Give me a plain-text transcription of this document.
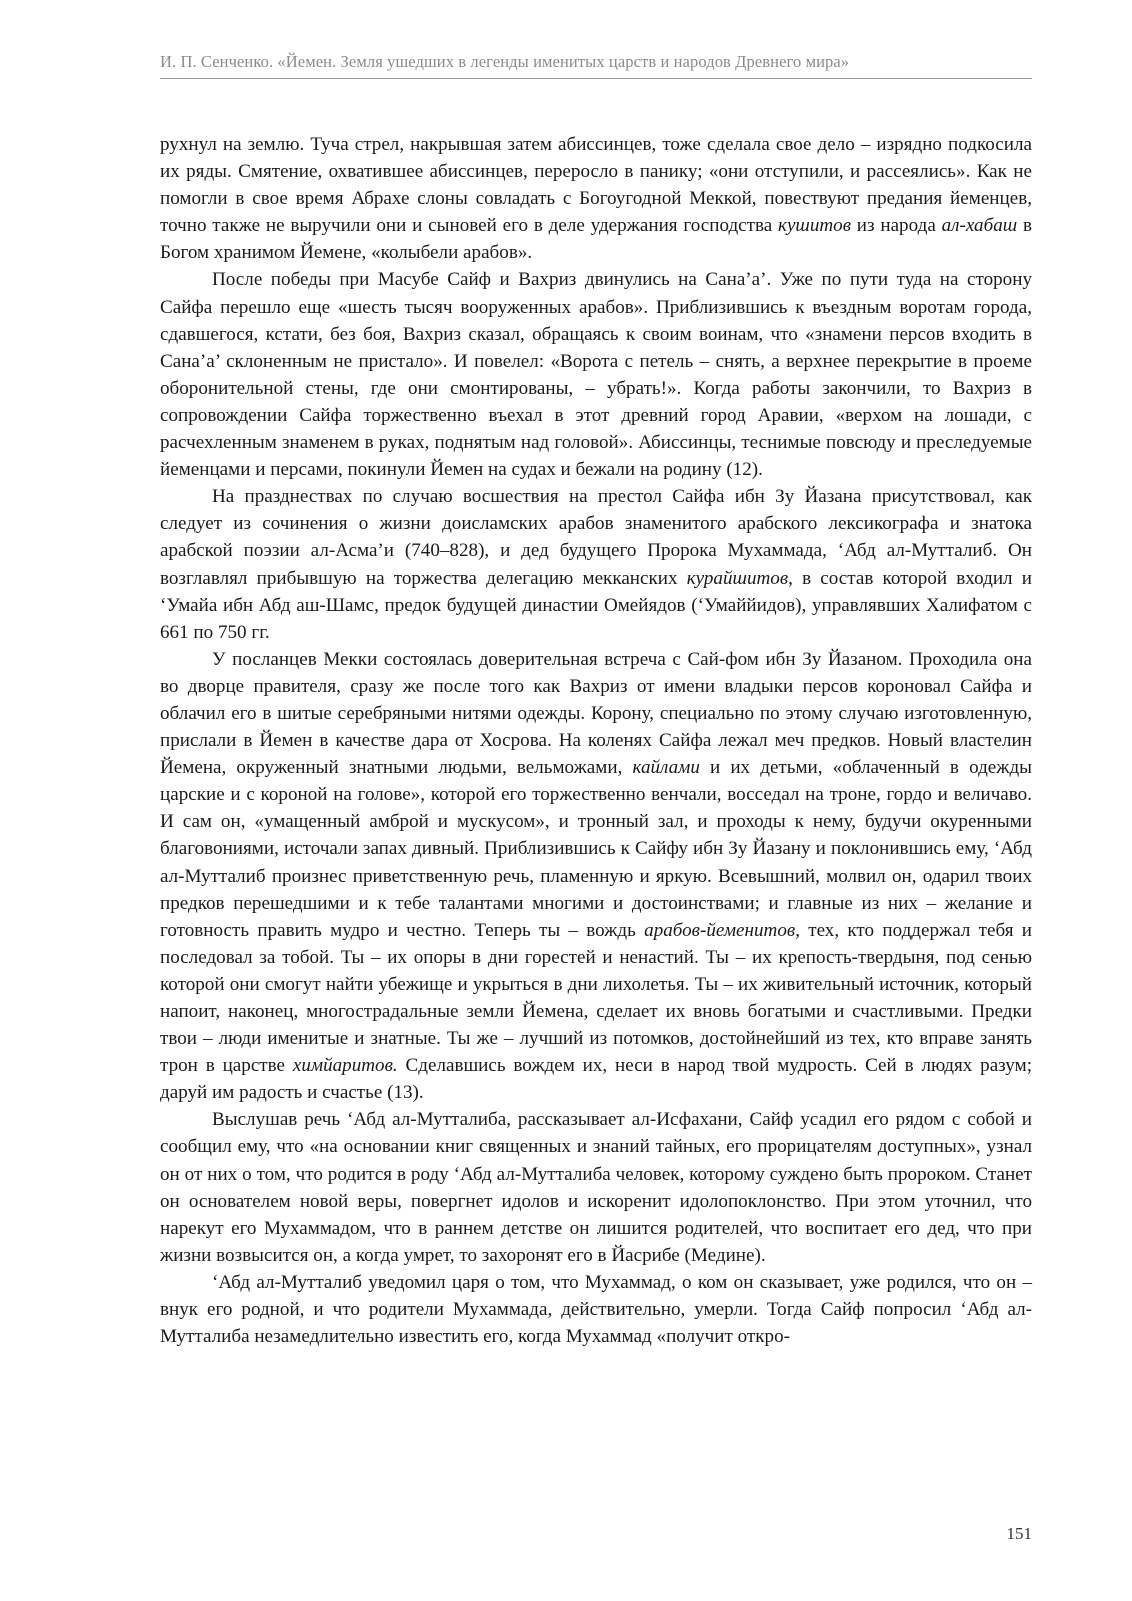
И. П. Сенченко. «Йемен. Земля ушедших в легенды именитых царств и народов Древнего мира»

рухнул на землю. Туча стрел, накрывшая затем абиссинцев, тоже сделала свое дело – изрядно подкосила их ряды. Смятение, охватившее абиссинцев, переросло в панику; «они отступили, и рассеялись». Как не помогли в свое время Абрахе слоны совладать с Богоугодной Меккой, повествуют предания йеменцев, точно также не выручили они и сыновей его в деле удержания господства кушитов из народа ал-хабаш в Богом хранимом Йемене, «колыбели арабов».

После победы при Масубе Сайф и Вахриз двинулись на Сана’а’. Уже по пути туда на сторону Сайфа перешло еще «шесть тысяч вооруженных арабов». Приблизившись к въездным воротам города, сдавшегося, кстати, без боя, Вахриз сказал, обращаясь к своим воинам, что «знамени персов входить в Сана’а’ склоненным не пристало». И повелел: «Ворота с петель – снять, а верхнее перекрытие в проеме оборонительной стены, где они смонтированы, – убрать!». Когда работы закончили, то Вахриз в сопровождении Сайфа торжественно въехал в этот древний город Аравии, «верхом на лошади, с расчехленным знаменем в руках, поднятым над головой». Абиссинцы, теснимые повсюду и преследуемые йеменцами и персами, покинули Йемен на судах и бежали на родину (12).

На празднествах по случаю восшествия на престол Сайфа ибн Зу Йазана присутствовал, как следует из сочинения о жизни доисламских арабов знаменитого арабского лексикографа и знатока арабской поэзии ал-Асма’и (740–828), и дед будущего Пророка Мухаммада, ‘Абд ал-Мутталиб. Он возглавлял прибывшую на торжества делегацию мекканских курайшитов, в состав которой входил и ‘Умайа ибн Абд аш-Шамс, предок будущей династии Омейядов (‘Умаййидов), управлявших Халифатом с 661 по 750 гг.

У посланцев Мекки состоялась доверительная встреча с Сай-фом ибн Зу Йазаном. Проходила она во дворце правителя, сразу же после того как Вахриз от имени владыки персов короновал Сайфа и облачил его в шитые серебряными нитями одежды. Корону, специально по этому случаю изготовленную, прислали в Йемен в качестве дара от Хосрова. На коленях Сайфа лежал меч предков. Новый властелин Йемена, окруженный знатными людьми, вельможами, кайлами и их детьми, «облаченный в одежды царские и с короной на голове», которой его торжественно венчали, восседал на троне, гордо и величаво. И сам он, «умащенный амброй и мускусом», и тронный зал, и проходы к нему, будучи окуренными благовониями, источали запах дивный. Приблизившись к Сайфу ибн Зу Йазану и поклонившись ему, ‘Абд ал-Мутталиб произнес приветственную речь, пламенную и яркую. Всевышний, молвил он, одарил твоих предков перешедшими и к тебе талантами многими и достоинствами; и главные из них – желание и готовность править мудро и честно. Теперь ты – вождь арабов-йеменитов, тех, кто поддержал тебя и последовал за тобой. Ты – их опоры в дни горестей и ненастий. Ты – их крепость-твердыня, под сенью которой они смогут найти убежище и укрыться в дни лихолетья. Ты – их живительный источник, который напоит, наконец, многострадальные земли Йемена, сделает их вновь богатыми и счастливыми. Предки твои – люди именитые и знатные. Ты же – лучший из потомков, достойнейший из тех, кто вправе занять трон в царстве химйаритов. Сделавшись вождем их, неси в народ твой мудрость. Сей в людях разум; даруй им радость и счастье (13).

Выслушав речь ‘Абд ал-Мутталиба, рассказывает ал-Исфахани, Сайф усадил его рядом с собой и сообщил ему, что «на основании книг священных и знаний тайных, его прорицателям доступных», узнал он от них о том, что родится в роду ‘Абд ал-Мутталиба человек, которому суждено быть пророком. Станет он основателем новой веры, повергнет идолов и искоренит идолопоклонство. При этом уточнил, что нарекут его Мухаммадом, что в раннем детстве он лишится родителей, что воспитает его дед, что при жизни возвысится он, а когда умрет, то захоронят его в Йасрибе (Медине).

‘Абд ал-Мутталиб уведомил царя о том, что Мухаммад, о ком он сказывает, уже родился, что он – внук его родной, и что родители Мухаммада, действительно, умерли. Тогда Сайф попросил ‘Абд ал-Мутталиба незамедлительно известить его, когда Мухаммад «получит откро-

151
